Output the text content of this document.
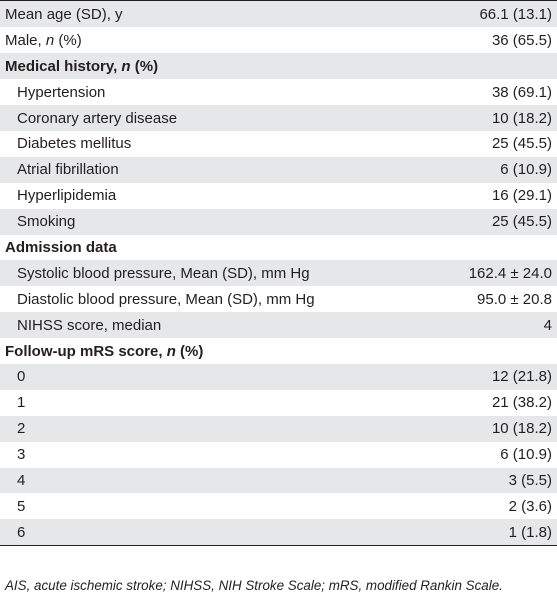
Mean age (SD), y	66.1 (13.1)
Male, n (%)	36 (65.5)
Medical history, n (%)
Hypertension	38 (69.1)
Coronary artery disease	10 (18.2)
Diabetes mellitus	25 (45.5)
Atrial fibrillation	6 (10.9)
Hyperlipidemia	16 (29.1)
Smoking	25 (45.5)
Admission data
Systolic blood pressure, Mean (SD), mm Hg	162.4 ± 24.0
Diastolic blood pressure, Mean (SD), mm Hg	95.0 ± 20.8
NIHSS score, median	4
Follow-up mRS score, n (%)
0	12 (21.8)
1	21 (38.2)
2	10 (18.2)
3	6 (10.9)
4	3 (5.5)
5	2 (3.6)
6	1 (1.8)
AIS, acute ischemic stroke; NIHSS, NIH Stroke Scale; mRS, modified Rankin Scale.
